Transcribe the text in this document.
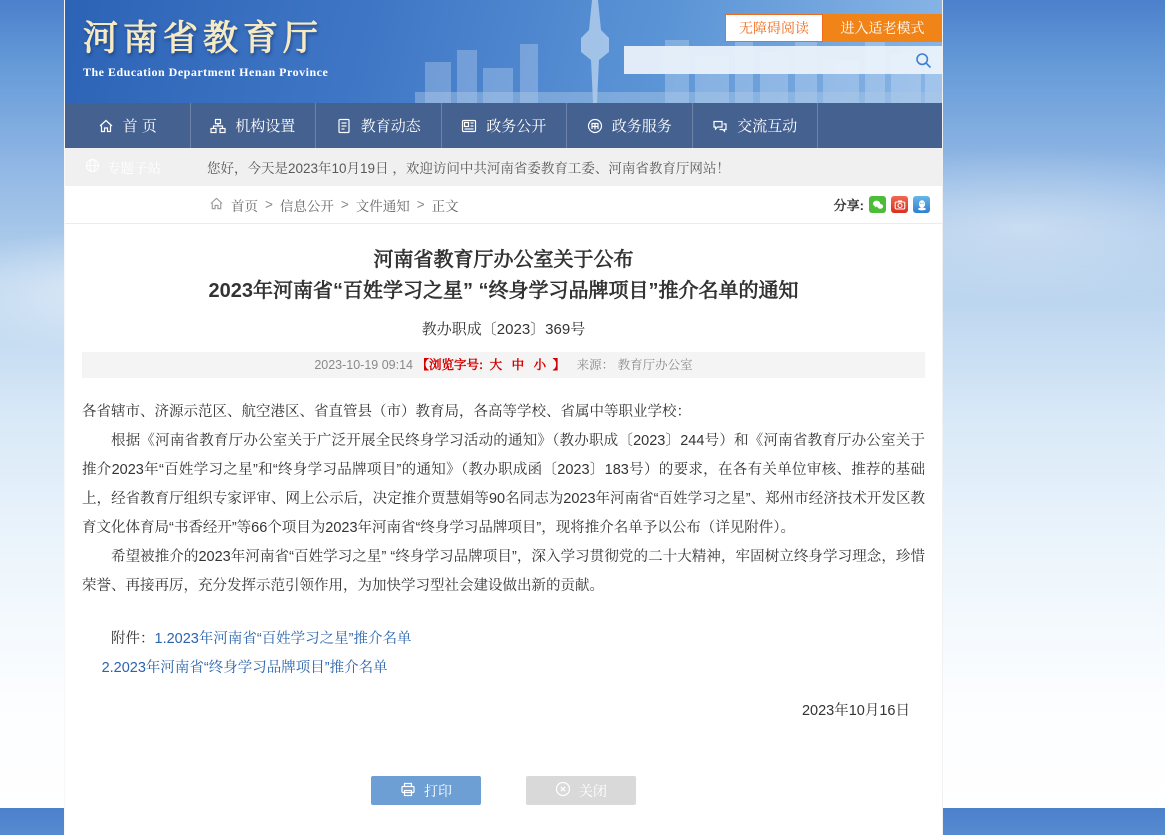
河南省教育厅
The Education Department Henan Province
无障碍阅读	进入适老模式
首 页	机构设置	教育动态	政务公开	政务服务	交流互动
专题子站	您好，今天是2023年10月19日 ，欢迎访问中共河南省委教育工委、河南省教育厅网站！
首页 > 信息公开 > 文件通知 > 正文	分享:
河南省教育厅办公室关于公布
2023年河南省“百姓学习之星” “终身学习品牌项目”推介名单的通知
教办职成〔2023〕369号
2023-10-19 09:14 【浏览字号: 大 中 小 】 来源： 教育厅办公室

各省辖市、济源示范区、航空港区、省直管县（市）教育局，各高等学校、省属中等职业学校：

根据《河南省教育厅办公室关于广泛开展全民终身学习活动的通知》（教办职成〔2023〕244号）和《河南省教育厅办公室关于推介2023年“百姓学习之星”和“终身学习品牌项目”的通知》（教办职成函〔2023〕183号）的要求，在各有关单位审核、推荐的基础上，经省教育厅组织专家评审、网上公示后，决定推介贾慧娟等90名同志为2023年河南省“百姓学习之星”、郑州市经济技术开发区教育文化体育局“书香经开”等66个项目为2023年河南省“终身学习品牌项目”，现将推介名单予以公布（详见附件）。

希望被推介的2023年河南省“百姓学习之星” “终身学习品牌项目”，深入学习贯彻党的二十大精神，牢固树立终身学习理念，珍惜荣誉、再接再厉，充分发挥示范引领作用，为加快学习型社会建设做出新的贡献。

附件：1.2023年河南省“百姓学习之星”推介名单
2.2023年河南省“终身学习品牌项目”推介名单
2023年10月16日
打印	关闭
